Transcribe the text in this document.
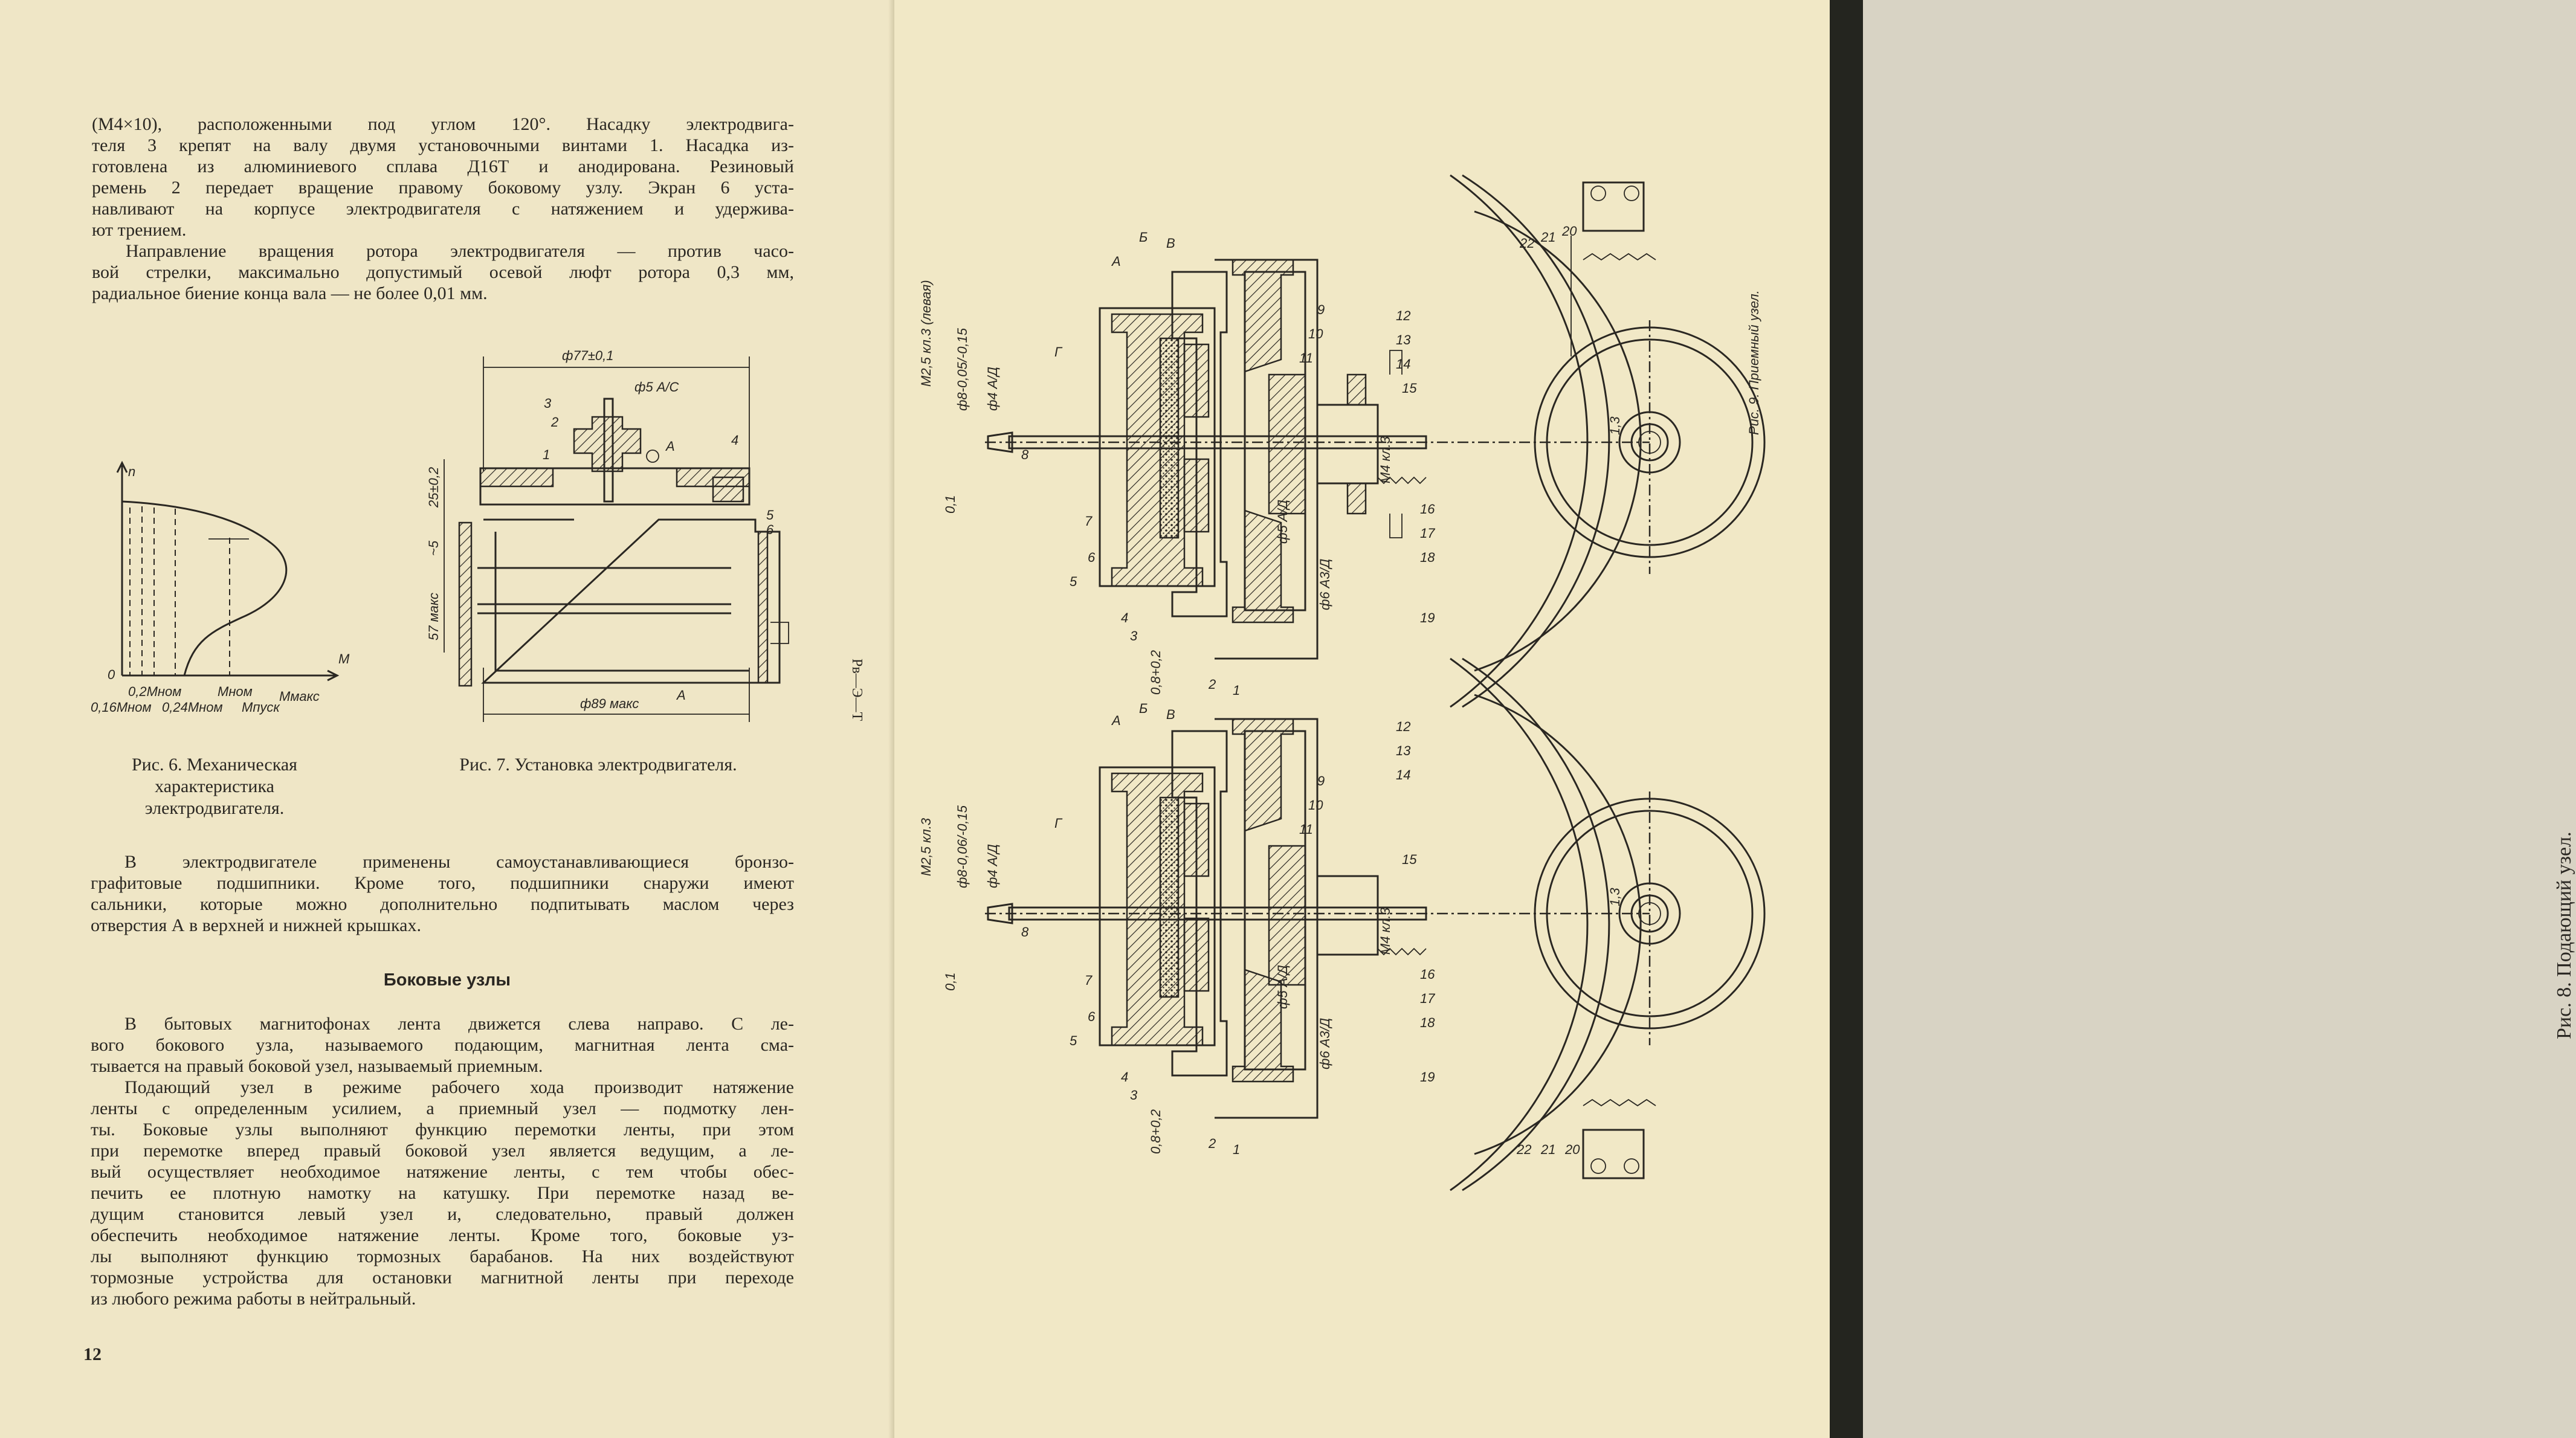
(М4×10), расположенными под углом 120°. Насадку электродвига-
теля 3 крепят на валу двумя установочными винтами 1. Насадка из-
готовлена из алюминиевого сплава Д16Т и анодирована. Резиновый
ремень 2 передает вращение правому боковому узлу. Экран 6 уста-
навливают на корпусе электродвигателя с натяжением и удержива-
ют трением.
Направление вращения ротора электродвигателя — против часо-
вой стрелки, максимально допустимый осевой люфт ротора 0,3 мм,
радиальное биение конца вала — не более 0,01 мм.
n
M
0
0,2Mном	Mном Mмакс
0,16Mном 0,24Mном Mпуск
ф77±0,1
ф5 А/С
25±0,2
~5
57 макс
ф89 макс
3
2
1
4
А
5
6
А
Рис. 6. Механическая характеристика электродвигателя.
Рис. 7. Установка электродвигателя.
В электродвигателе применены самоустанавливающиеся бронзо-
графитовые подшипники. Кроме того, подшипники снаружи имеют
сальники, которые можно дополнительно подпитывать маслом через
отверстия А в верхней и нижней крышках.
Боковые узлы
В бытовых магнитофонах лента движется слева направо. С ле-
вого бокового узла, называемого подающим, магнитная лента сма-
тывается на правый боковой узел, называемый приемным.
Подающий узел в режиме рабочего хода производит натяжение
ленты с определенным усилием, а приемный узел — подмотку лен-
ты. Боковые узлы выполняют функцию перемотки ленты, при этом
при перемотке вперед правый боковой узел является ведущим, а ле-
вый осуществляет необходимое натяжение ленты, с тем чтобы обес-
печить ее плотную намотку на катушку. При перемотке назад ве-
дущим становится левый узел и, следовательно, правый должен
обеспечить необходимое натяжение ленты. Кроме того, боковые уз-
лы выполняют функцию тормозных барабанов. На них воздействуют
тормозные устройства для остановки магнитной ленты при переходе
из любого режима работы в нейтральный.
12
Рв—Э—Т
Рис. 9. Приемный узел.
М2,5 кл.3 (левая)
М4 кл.3
ф8-0,05/-0,15 ф4 А/Д
ф5 А/Д
ф6 А3/Д
0,1
0,8+0,2
1,3
А
Б В
Г
1
2
3
4
5
6
7
8
9
10
11
12
13
14
15
16
17
18
19
20
21
22
М2,5 кл.3
М4 кл.3
ф8-0,06/-0,15 ф4 А/Д
ф5 А/Д
ф6 А3/Д
0,1
0,8+0,2
1,3
А
Б В
Г
1
2
3
4
5
6
7
8
9
10
11
12
13
14
15
16
17
18
19
20
21
22
Рис. 8. Подающий узел.
